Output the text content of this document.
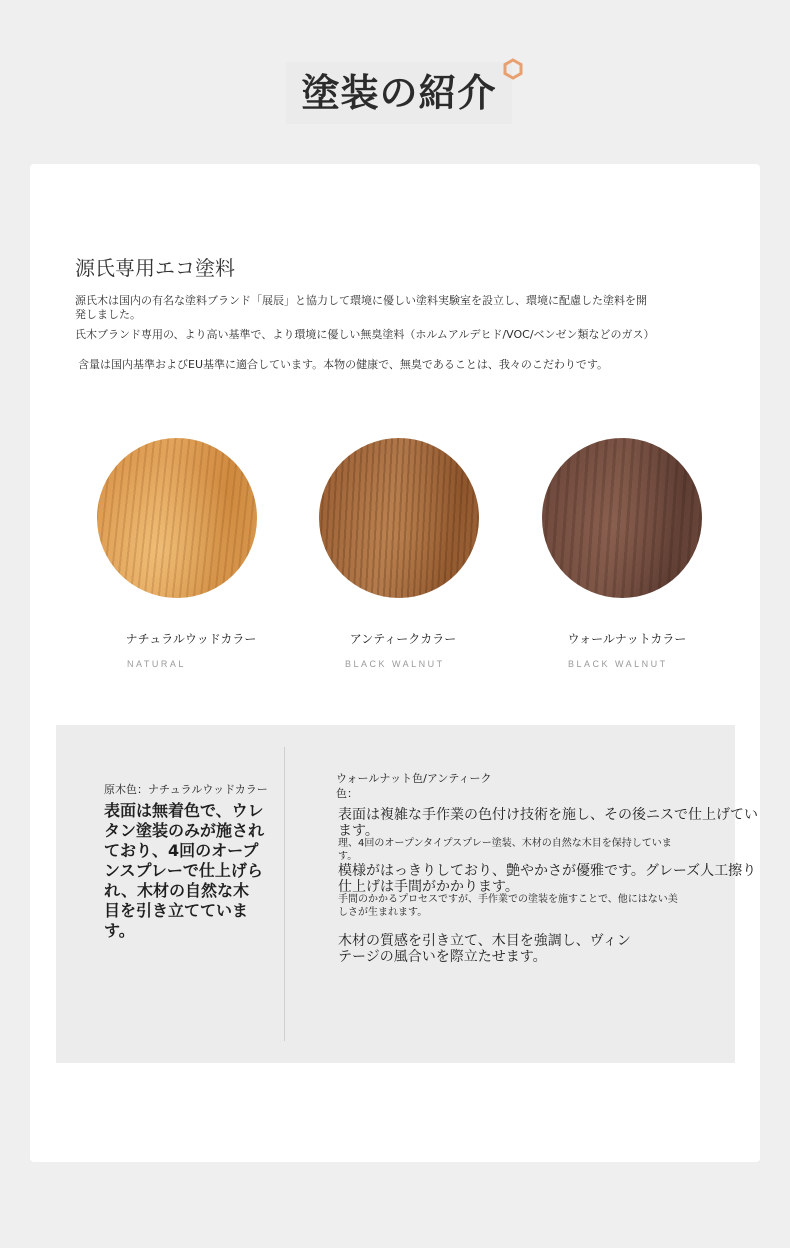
塗装の紹介
源氏専用エコ塗料
源氏木は国内の有名な塗料ブランド「展辰」と協力して環境に優しい塗料実験室を設立し、環境に配慮した塗料を開発しました。
氏木ブランド専用の、より高い基準で、より環境に優しい無臭塗料（ホルムアルデヒド/VOC/ベンゼン類などのガス）
含量は国内基準およびEU基準に適合しています。本物の健康で、無臭であることは、我々のこだわりです。
ナチュラルウッドカラー
NATURAL
アンティークカラー
BLACK WALNUT
ウォールナットカラー
BLACK WALNUT
原木色：ナチュラルウッドカラー
表面は無着色で、ウレタン塗装のみが施されており、4回のオープンスプレーで仕上げられ、木材の自然な木目を引き立てています。
ウォールナット色/アンティーク色：
表面は複雑な手作業の色付け技術を施し、その後ニスで仕上げています。
理、4回のオープンタイプスプレー塗装、木材の自然な木目を保持しています。
模様がはっきりしており、艶やかさが優雅です。グレーズ人工擦り仕上げは手間がかかります。
手間のかかるプロセスですが、手作業での塗装を施すことで、他にはない美しさが生まれます。
木材の質感を引き立て、木目を強調し、ヴィンテージの風合いを際立たせます。
